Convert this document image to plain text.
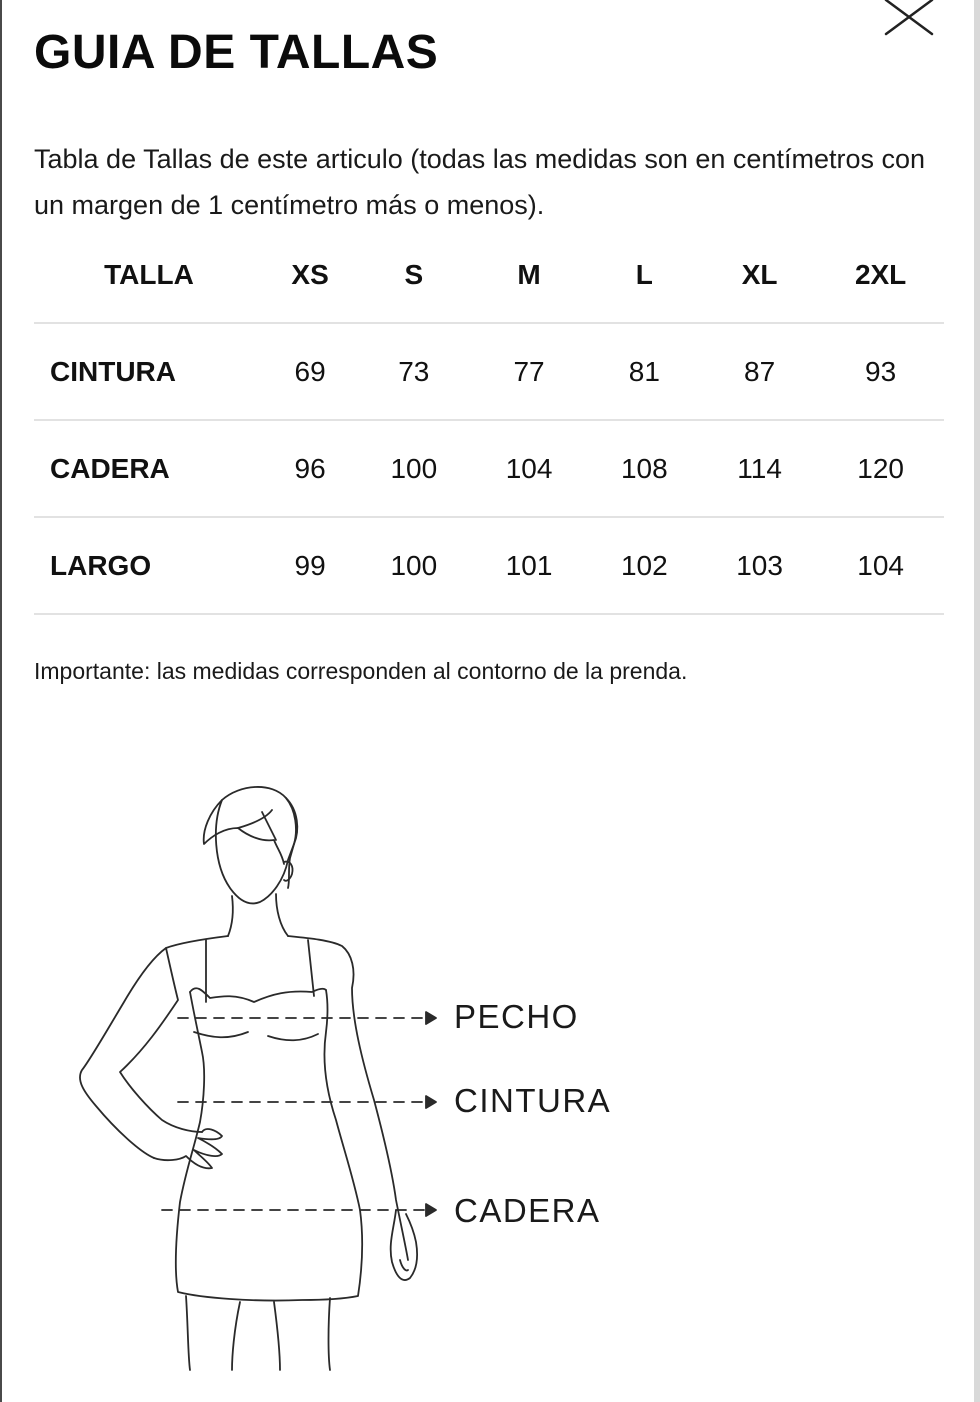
GUIA DE TALLAS

Tabla de Tallas de este articulo (todas las medidas son en centímetros con un margen de 1 centímetro más o menos).

TALLA	XS	S	M	L	XL	2XL
CINTURA	69	73	77	81	87	93
CADERA	96	100	104	108	114	120
LARGO	99	100	101	102	103	104

Importante: las medidas corresponden al contorno de la prenda.

PECHO
CINTURA
CADERA
